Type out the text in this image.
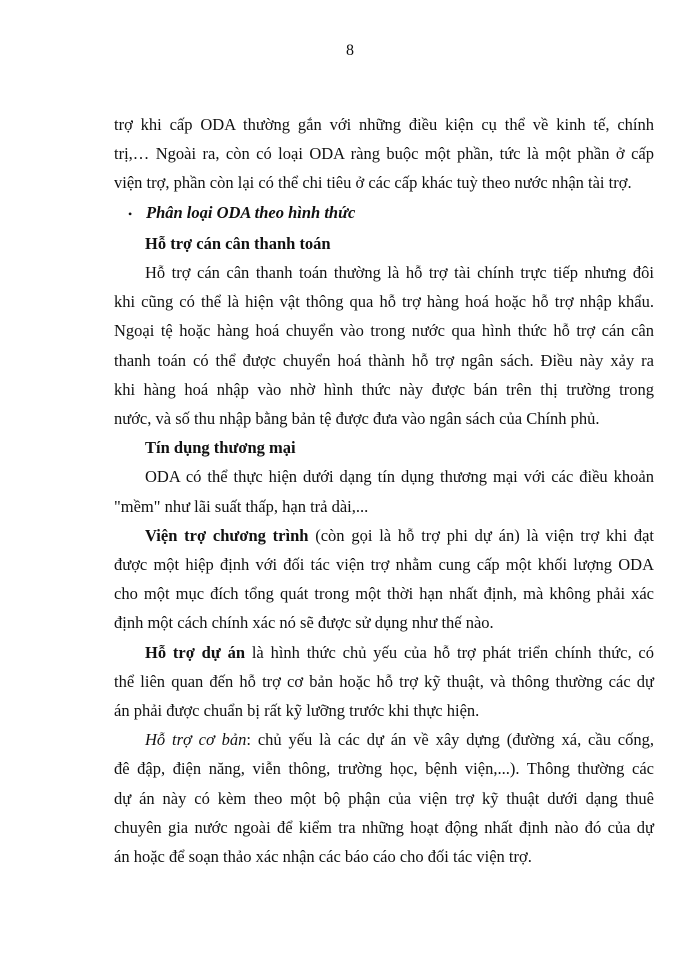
8

trợ khi cấp ODA thường gắn với những điều kiện cụ thể về kinh tế, chính

trị,… Ngoài ra, còn có loại ODA ràng buộc một phần, tức là một phần ở cấp

viện trợ, phần còn lại có thể chi tiêu ở các cấp khác tuỳ theo nước nhận tài trợ.

• Phân loại ODA theo hình thức

Hỗ trợ cán cân thanh toán

Hỗ trợ cán cân thanh toán thường là hỗ trợ tài chính trực tiếp nhưng đôi

khi cũng có thể là hiện vật thông qua hỗ trợ hàng hoá hoặc hỗ trợ nhập khẩu.

Ngoại tệ hoặc hàng hoá chuyển vào trong nước qua hình thức hỗ trợ cán cân

thanh toán có thể được chuyển hoá thành hỗ trợ ngân sách. Điều này xảy ra

khi hàng hoá nhập vào nhờ hình thức này được bán trên thị trường trong

nước, và số thu nhập bằng bản tệ được đưa vào ngân sách của Chính phủ.

Tín dụng thương mại

ODA có thể thực hiện dưới dạng tín dụng thương mại với các điều khoản

"mềm" như lãi suất thấp, hạn trả dài,...

Viện trợ chương trình (còn gọi là hỗ trợ phi dự án) là viện trợ khi đạt

được một hiệp định với đối tác viện trợ nhằm cung cấp một khối lượng ODA

cho một mục đích tổng quát trong một thời hạn nhất định, mà không phải xác

định một cách chính xác nó sẽ được sử dụng như thế nào.

Hỗ trợ dự án là hình thức chủ yếu của hỗ trợ phát triển chính thức, có

thể liên quan đến hỗ trợ cơ bản hoặc hỗ trợ kỹ thuật, và thông thường các dự

án phải được chuẩn bị rất kỹ lưỡng trước khi thực hiện.

Hỗ trợ cơ bản: chủ yếu là các dự án về xây dựng (đường xá, cầu cống,

đê đập, điện năng, viễn thông, trường học, bệnh viện,...). Thông thường các

dự án này có kèm theo một bộ phận của viện trợ kỹ thuật dưới dạng thuê

chuyên gia nước ngoài để kiểm tra những hoạt động nhất định nào đó của dự

án hoặc để soạn thảo xác nhận các báo cáo cho đối tác viện trợ.
